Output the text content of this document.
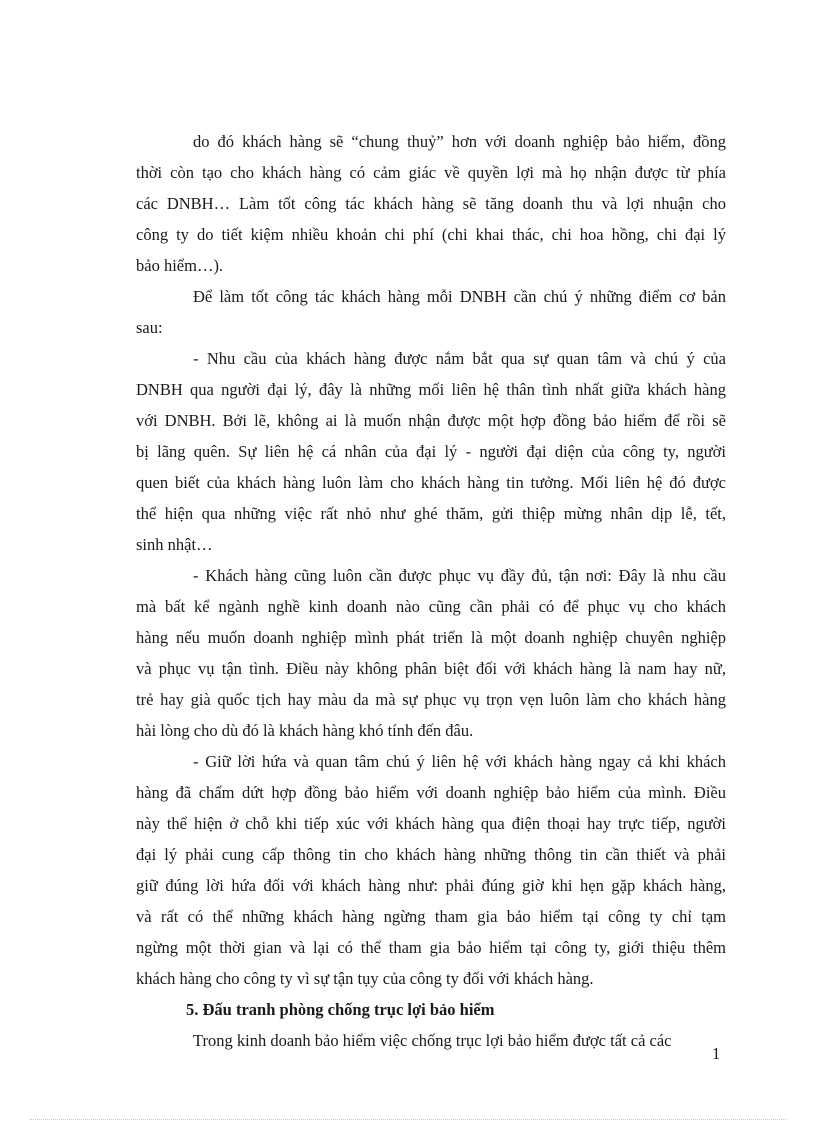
do đó khách hàng sẽ “chung thuỷ” hơn với doanh nghiệp bảo hiểm, đồng
thời còn tạo cho khách hàng có cảm giác về quyền lợi mà họ nhận được từ phía
các DNBH… Làm tốt công tác khách hàng sẽ tăng doanh thu và lợi nhuận cho
công ty do tiết kiệm nhiều khoản chi phí (chi khai thác, chi hoa hồng, chi đại lý
bảo hiểm…).
Để làm tốt công tác khách hàng mỗi DNBH cần chú ý những điểm cơ bản
sau:
- Nhu cầu của khách hàng được nắm bắt qua sự quan tâm và chú ý của
DNBH qua người đại lý, đây là những mối liên hệ thân tình nhất giữa khách hàng
với DNBH. Bởi lẽ, không ai là muốn nhận được một hợp đồng bảo hiểm để rồi sẽ
bị lãng quên. Sự liên hệ cá nhân của đại lý - người đại diện của công ty, người
quen biết của khách hàng luôn làm cho khách hàng tin tưởng. Mối liên hệ đó được
thể hiện qua những việc rất nhỏ như ghé thăm, gửi thiệp mừng nhân dịp lễ, tết,
sinh nhật…
- Khách hàng cũng luôn cần được phục vụ đầy đủ, tận nơi: Đây là nhu cầu
mà bất kể ngành nghề kinh doanh nào cũng cần phải có để phục vụ cho khách
hàng nếu muốn doanh nghiệp mình phát triển là một doanh nghiệp chuyên nghiệp
và phục vụ tận tình. Điều này không phân biệt đối với khách hàng là nam hay nữ,
trẻ hay già quốc tịch hay màu da mà sự phục vụ trọn vẹn luôn làm cho khách hàng
hài lòng cho dù đó là khách hàng khó tính đến đâu.
- Giữ lời hứa và quan tâm chú ý liên hệ với khách hàng ngay cả khi khách
hàng đã chấm dứt hợp đồng bảo hiểm với doanh nghiệp bảo hiểm của mình. Điều
này thể hiện ở chỗ khi tiếp xúc với khách hàng qua điện thoại hay trực tiếp, người
đại lý phải cung cấp thông tin cho khách hàng những thông tin cần thiết và phải
giữ đúng lời hứa đối với khách hàng như: phải đúng giờ khi hẹn gặp khách hàng,
và rất có thể những khách hàng ngừng tham gia bảo hiểm tại công ty chỉ tạm
ngừng một thời gian và lại có thể tham gia bảo hiểm tại công ty, giới thiệu thêm
khách hàng cho công ty vì sự tận tụy của công ty đối với khách hàng.
5. Đấu tranh phòng chống trục lợi bảo hiểm
Trong kinh doanh bảo hiểm việc chống trục lợi bảo hiểm được tất cả các
1
